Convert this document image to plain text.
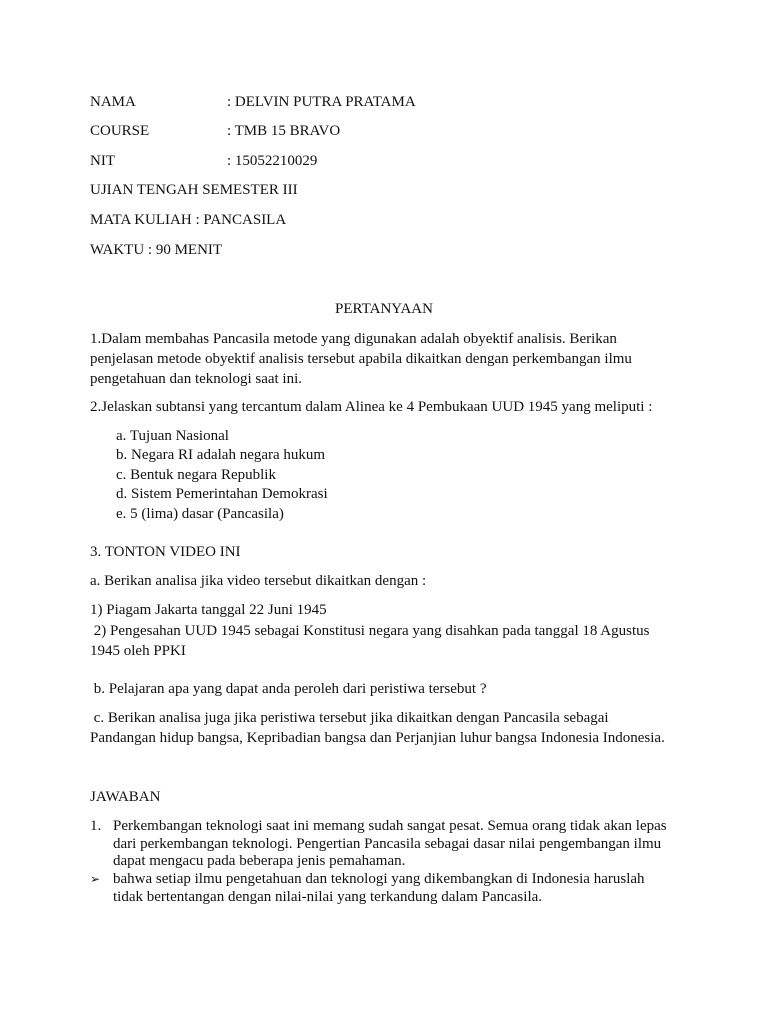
NAMA	: DELVIN PUTRA PRATAMA
COURSE	: TMB 15 BRAVO
NIT	: 15052210029
UJIAN TENGAH SEMESTER III
MATA KULIAH : PANCASILA
WAKTU : 90 MENIT
PERTANYAAN

1.Dalam membahas Pancasila metode yang digunakan adalah obyektif analisis. Berikan

penjelasan metode obyektif analisis tersebut apabila dikaitkan dengan perkembangan ilmu

pengetahuan dan teknologi saat ini.

2.Jelaskan subtansi yang tercantum dalam Alinea ke 4 Pembukaan UUD 1945 yang meliputi :
a. Tujuan Nasional
b. Negara RI adalah negara hukum
c. Bentuk negara Republik
d. Sistem Pemerintahan Demokrasi
e. 5 (lima) dasar (Pancasila)
3. TONTON VIDEO INI
a. Berikan analisa jika video tersebut dikaitkan dengan :
1) Piagam Jakarta tanggal 22 Juni 1945

2) Pengesahan UUD 1945 sebagai Konstitusi negara yang disahkan pada tanggal 18 Agustus

1945 oleh PPKI

b. Pelajaran apa yang dapat anda peroleh dari peristiwa tersebut ?

c. Berikan analisa juga jika peristiwa tersebut jika dikaitkan dengan Pancasila sebagai

Pandangan hidup bangsa, Kepribadian bangsa dan Perjanjian luhur bangsa Indonesia Indonesia.

JAWABAN
1. Perkembangan teknologi saat ini memang sudah sangat pesat. Semua orang tidak akan lepas

dari perkembangan teknologi. Pengertian Pancasila sebagai dasar nilai pengembangan ilmu

dapat mengacu pada beberapa jenis pemahaman.

➢ bahwa setiap ilmu pengetahuan dan teknologi yang dikembangkan di Indonesia haruslah

tidak bertentangan dengan nilai-nilai yang terkandung dalam Pancasila.
